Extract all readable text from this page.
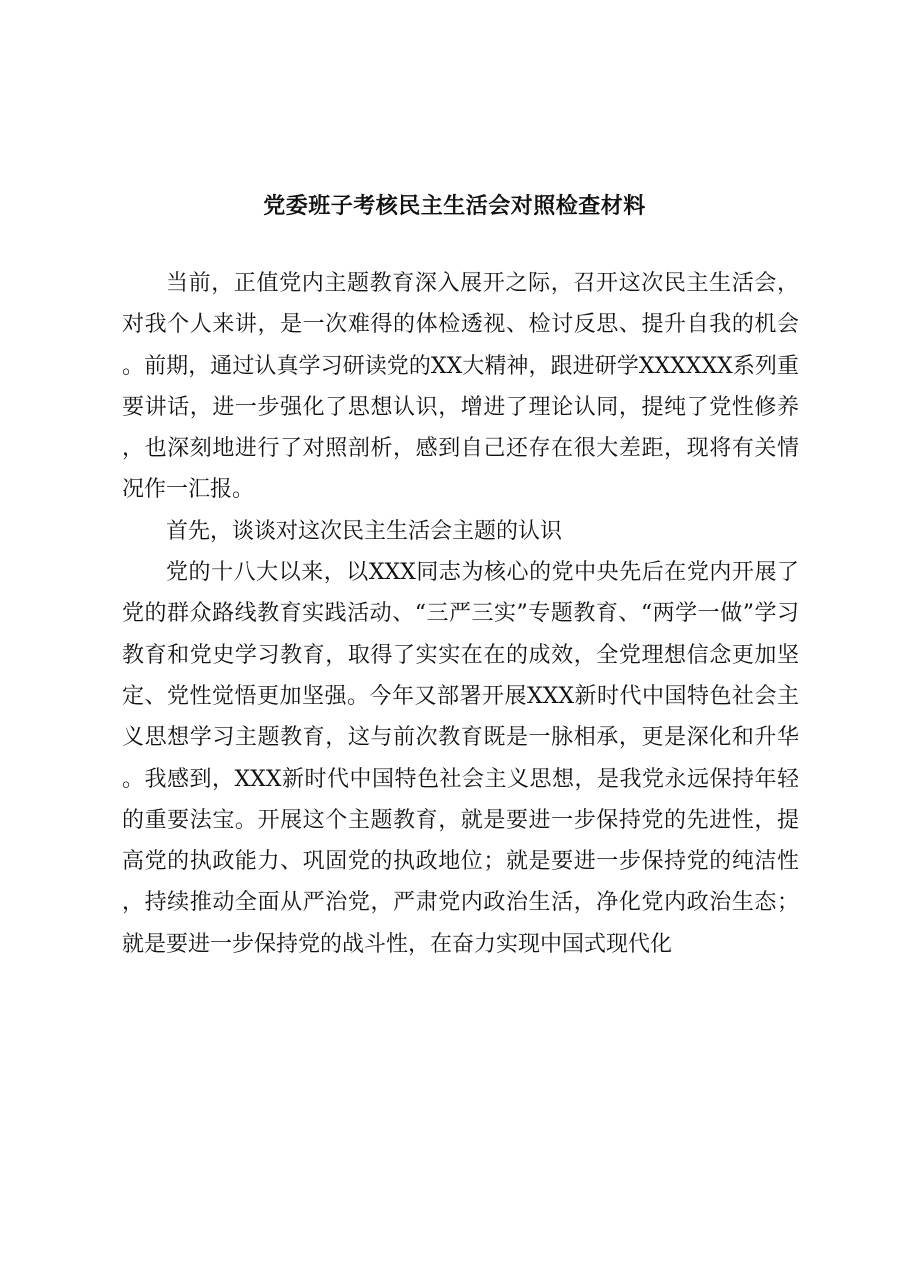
党委班子考核民主生活会对照检查材料

当前，正值党内主题教育深入展开之际，召开这次民主生活会，对我个人来讲，是一次难得的体检透视、检讨反思、提升自我的机会。前期，通过认真学习研读党的XX大精神，跟进研学XXXXXX系列重要讲话，进一步强化了思想认识，增进了理论认同，提纯了党性修养，也深刻地进行了对照剖析，感到自己还存在很大差距，现将有关情况作一汇报。

首先，谈谈对这次民主生活会主题的认识

党的十八大以来，以XXX同志为核心的党中央先后在党内开展了党的群众路线教育实践活动、“三严三实”专题教育、“两学一做”学习教育和党史学习教育，取得了实实在在的成效，全党理想信念更加坚定、党性觉悟更加坚强。今年又部署开展XXX新时代中国特色社会主义思想学习主题教育，这与前次教育既是一脉相承，更是深化和升华。我感到，XXX新时代中国特色社会主义思想，是我党永远保持年轻的重要法宝。开展这个主题教育，就是要进一步保持党的先进性，提高党的执政能力、巩固党的执政地位；就是要进一步保持党的纯洁性，持续推动全面从严治党，严肃党内政治生活，净化党内政治生态；就是要进一步保持党的战斗性，在奋力实现中国式现代化
